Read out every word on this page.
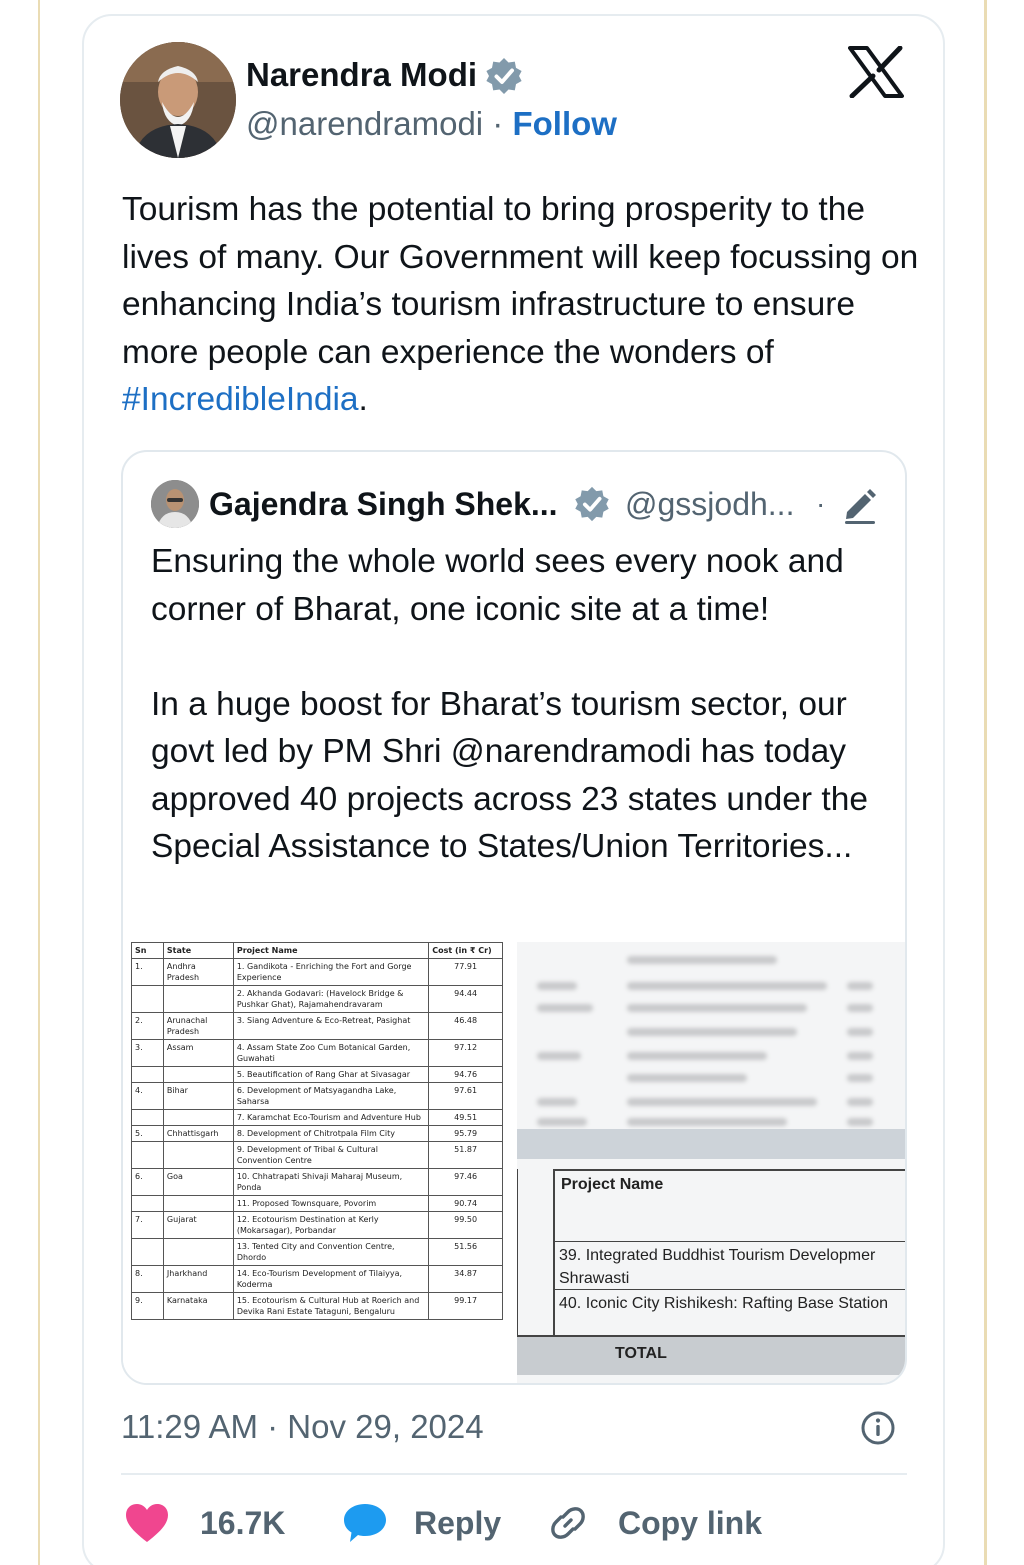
Narendra Modi
@narendramodi · Follow
Tourism has the potential to bring prosperity to the lives of many. Our Government will keep focussing on enhancing India’s tourism infrastructure to ensure more people can experience the wonders of #IncredibleIndia.
Gajendra Singh Shek... @gssjodh... ·
Ensuring the whole world sees every nook and corner of Bharat, one iconic site at a time!

In a huge boost for Bharat’s tourism sector, our govt led by PM Shri @narendramodi has today approved 40 projects across 23 states under the Special Assistance to States/Union Territories...
Sn	State	Project Name	Cost (in ₹ Cr)
1.	Andhra Pradesh	1. Gandikota - Enriching the Fort and Gorge Experience	77.91
		2. Akhanda Godavari: (Havelock Bridge & Pushkar Ghat), Rajamahendravaram	94.44
2.	Arunachal Pradesh	3. Siang Adventure & Eco-Retreat, Pasighat	46.48
3.	Assam	4. Assam State Zoo Cum Botanical Garden, Guwahati	97.12
		5. Beautification of Rang Ghar at Sivasagar	94.76
4.	Bihar	6. Development of Matsyagandha Lake, Saharsa	97.61
		7. Karamchat Eco-Tourism and Adventure Hub	49.51
5.	Chhattisgarh	8. Development of Chitrotpala Film City	95.79
		9. Development of Tribal & Cultural Convention Centre	51.87
6.	Goa	10. Chhatrapati Shivaji Maharaj Museum, Ponda	97.46
		11. Proposed Townsquare, Povorim	90.74
7.	Gujarat	12. Ecotourism Destination at Kerly (Mokarsagar), Porbandar	99.50
		13. Tented City and Convention Centre, Dhordo	51.56
8.	Jharkhand	14. Eco-Tourism Development of Tilaiyya, Koderma	34.87
9.	Karnataka	15. Ecotourism & Cultural Hub at Roerich and Devika Rani Estate Tataguni, Bengaluru	99.17
Project Name
39. Integrated Buddhist Tourism Developmer      Shrawasti
40. Iconic City Rishikesh: Rafting Base Station
TOTAL
11:29 AM · Nov 29, 2024
16.7K	Reply	Copy link
